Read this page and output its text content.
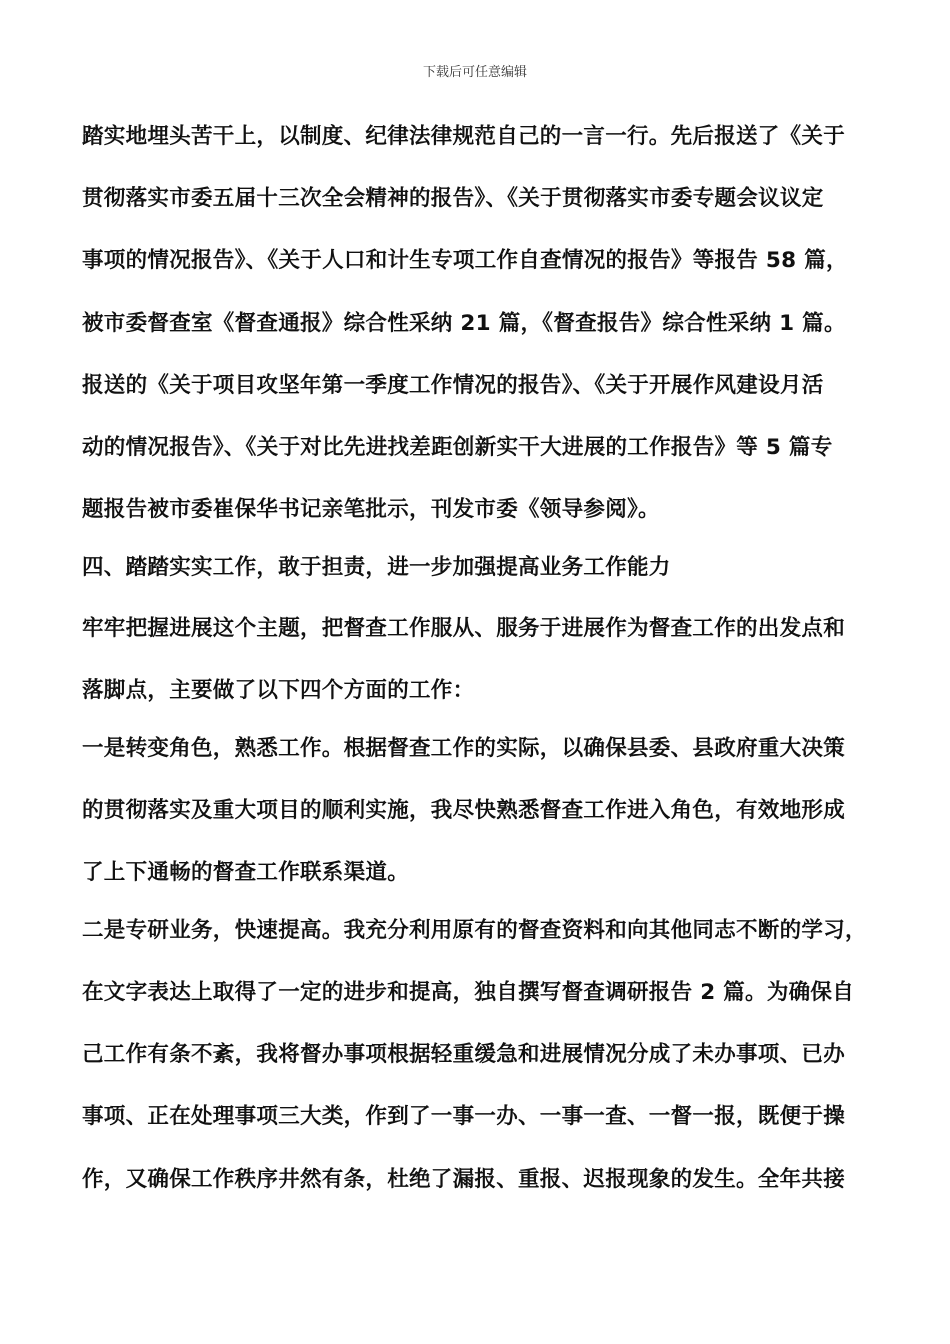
下载后可任意编辑
踏实地埋头苦干上，以制度、纪律法律规范自己的一言一行。先后报送了《关于
贯彻落实市委五届十三次全会精神的报告》、《关于贯彻落实市委专题会议议定
事项的情况报告》、《关于人口和计生专项工作自查情况的报告》等报告 58 篇，
被市委督查室《督查通报》综合性采纳 21 篇，《督查报告》综合性采纳 1 篇。
报送的《关于项目攻坚年第一季度工作情况的报告》、《关于开展作风建设月活
动的情况报告》、《关于对比先进找差距创新实干大进展的工作报告》等 5 篇专
题报告被市委崔保华书记亲笔批示，刊发市委《领导参阅》。
四、踏踏实实工作，敢于担责，进一步加强提高业务工作能力
牢牢把握进展这个主题，把督查工作服从、服务于进展作为督查工作的出发点和
落脚点，主要做了以下四个方面的工作：
一是转变角色，熟悉工作。根据督查工作的实际，以确保县委、县政府重大决策
的贯彻落实及重大项目的顺利实施，我尽快熟悉督查工作进入角色，有效地形成
了上下通畅的督查工作联系渠道。
二是专研业务，快速提高。我充分利用原有的督查资料和向其他同志不断的学习，
在文字表达上取得了一定的进步和提高，独自撰写督查调研报告 2 篇。为确保自
己工作有条不紊，我将督办事项根据轻重缓急和进展情况分成了未办事项、已办
事项、正在处理事项三大类，作到了一事一办、一事一查、一督一报，既便于操
作，又确保工作秩序井然有条，杜绝了漏报、重报、迟报现象的发生。全年共接
